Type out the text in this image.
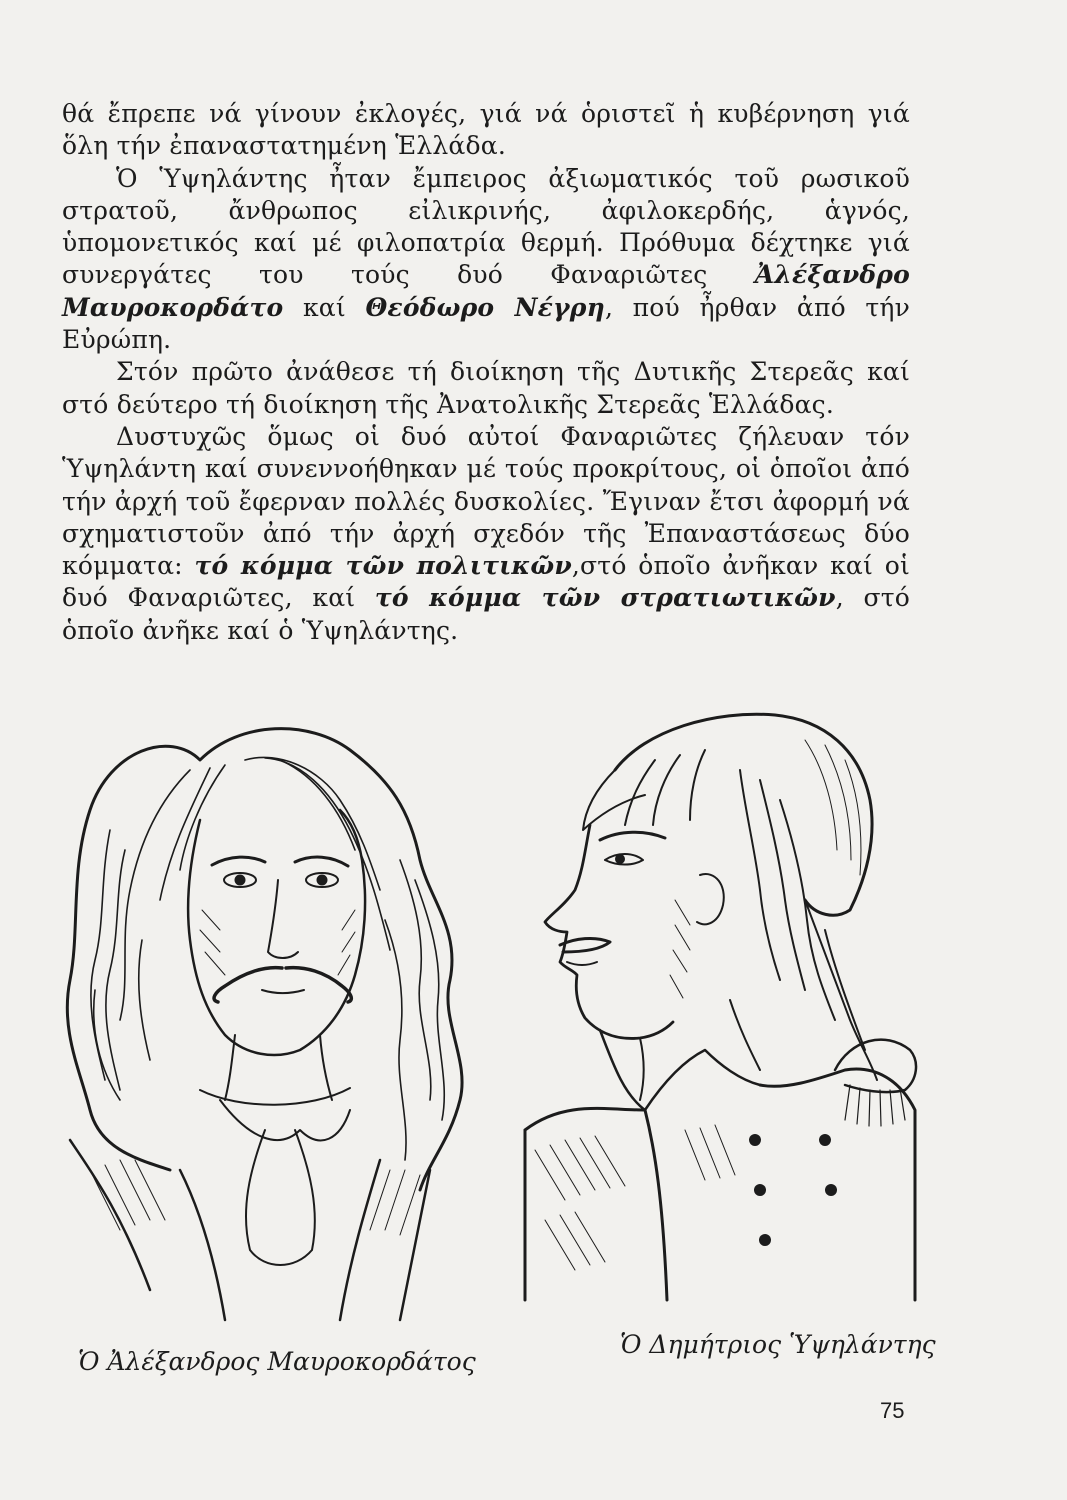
θά ἔπρεπε νά γίνουν ἐκλογές, γιά νά ὁριστεῖ ἡ κυβέρνηση γιά ὅλη τήν ἐπαναστατημένη Ἑλλάδα.

Ὁ Ὑψηλάντης ἦταν ἔμπειρος ἀξιωματικός τοῦ ρωσικοῦ στρατοῦ, ἄνθρωπος εἰλικρινής, ἀφιλοκερδής, ἁγνός, ὑπομονετικός καί μέ φιλοπατρία θερμή. Πρόθυμα δέχτηκε γιά συνεργάτες του τούς δυό Φαναριῶτες Ἀλέξανδρο Μαυροκορδάτο καί Θεόδωρο Νέγρη, πού ἦρθαν ἀπό τήν Εὐρώπη.

Στόν πρῶτο ἀνάθεσε τή διοίκηση τῆς Δυτικῆς Στερεᾶς καί στό δεύτερο τή διοίκηση τῆς Ἀνατολικῆς Στερεᾶς Ἑλλάδας.

Δυστυχῶς ὅμως οἱ δυό αὐτοί Φαναριῶτες ζήλευαν τόν Ὑψηλάντη καί συνεννοήθηκαν μέ τούς προκρίτους, οἱ ὁποῖοι ἀπό τήν ἀρχή τοῦ ἔφερναν πολλές δυσκολίες. Ἔγιναν ἔτσι ἀφορμή νά σχηματιστοῦν ἀπό τήν ἀρχή σχεδόν τῆς Ἐπαναστάσεως δύο κόμματα: τό κόμμα τῶν πολιτικῶν,στό ὁποῖο ἀνῆκαν καί οἱ δυό Φαναριῶτες, καί τό κόμμα τῶν στρατιωτικῶν, στό ὁποῖο ἀνῆκε καί ὁ Ὑψηλάντης.

Ὁ Ἀλέξανδρος Μαυροκορδάτος
Ὁ Δημήτριος Ὑψηλάντης
75
